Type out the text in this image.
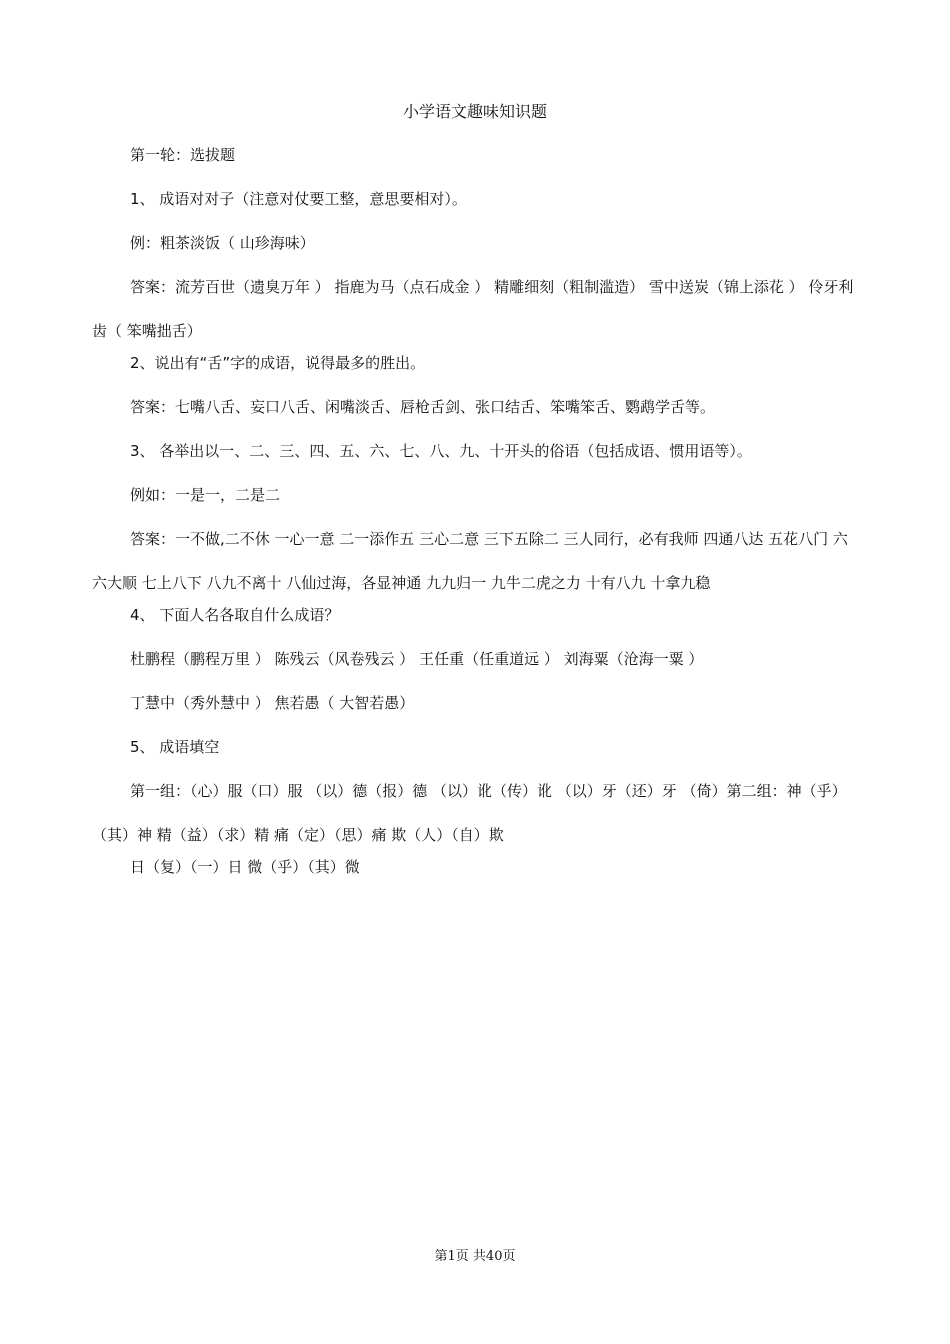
小学语文趣味知识题

第一轮：选拔题

1、 成语对对子（注意对仗要工整，意思要相对）。

例：粗茶淡饭（ 山珍海味）

答案：流芳百世（遗臭万年 ） 指鹿为马（点石成金 ） 精雕细刻（粗制滥造） 雪中送炭（锦上添花 ） 伶牙利齿（ 笨嘴拙舌）

2、说出有“舌”字的成语，说得最多的胜出。

答案：七嘴八舌、妄口八舌、闲嘴淡舌、唇枪舌剑、张口结舌、笨嘴笨舌、鹦鹉学舌等。

3、 各举出以一、二、三、四、五、六、七、八、九、十开头的俗语（包括成语、惯用语等）。

例如：一是一，二是二

答案：一不做,二不休 一心一意 二一添作五 三心二意 三下五除二 三人同行，必有我师 四通八达 五花八门 六六大顺 七上八下 八九不离十 八仙过海，各显神通 九九归一 九牛二虎之力 十有八九 十拿九稳

4、 下面人名各取自什么成语？

杜鹏程（鹏程万里 ） 陈残云（风卷残云 ） 王任重（任重道远 ） 刘海粟（沧海一粟 ）

丁慧中（秀外慧中 ） 焦若愚（ 大智若愚）

5、 成语填空

第一组：（心）服（口）服 （以）德（报）德 （以）讹（传）讹 （以）牙（还）牙 （倚）第二组：神（乎）（其）神 精（益）（求）精 痛（定）（思）痛 欺（人）（自）欺

日（复）（一）日 微（乎）（其）微

第1页 共40页
